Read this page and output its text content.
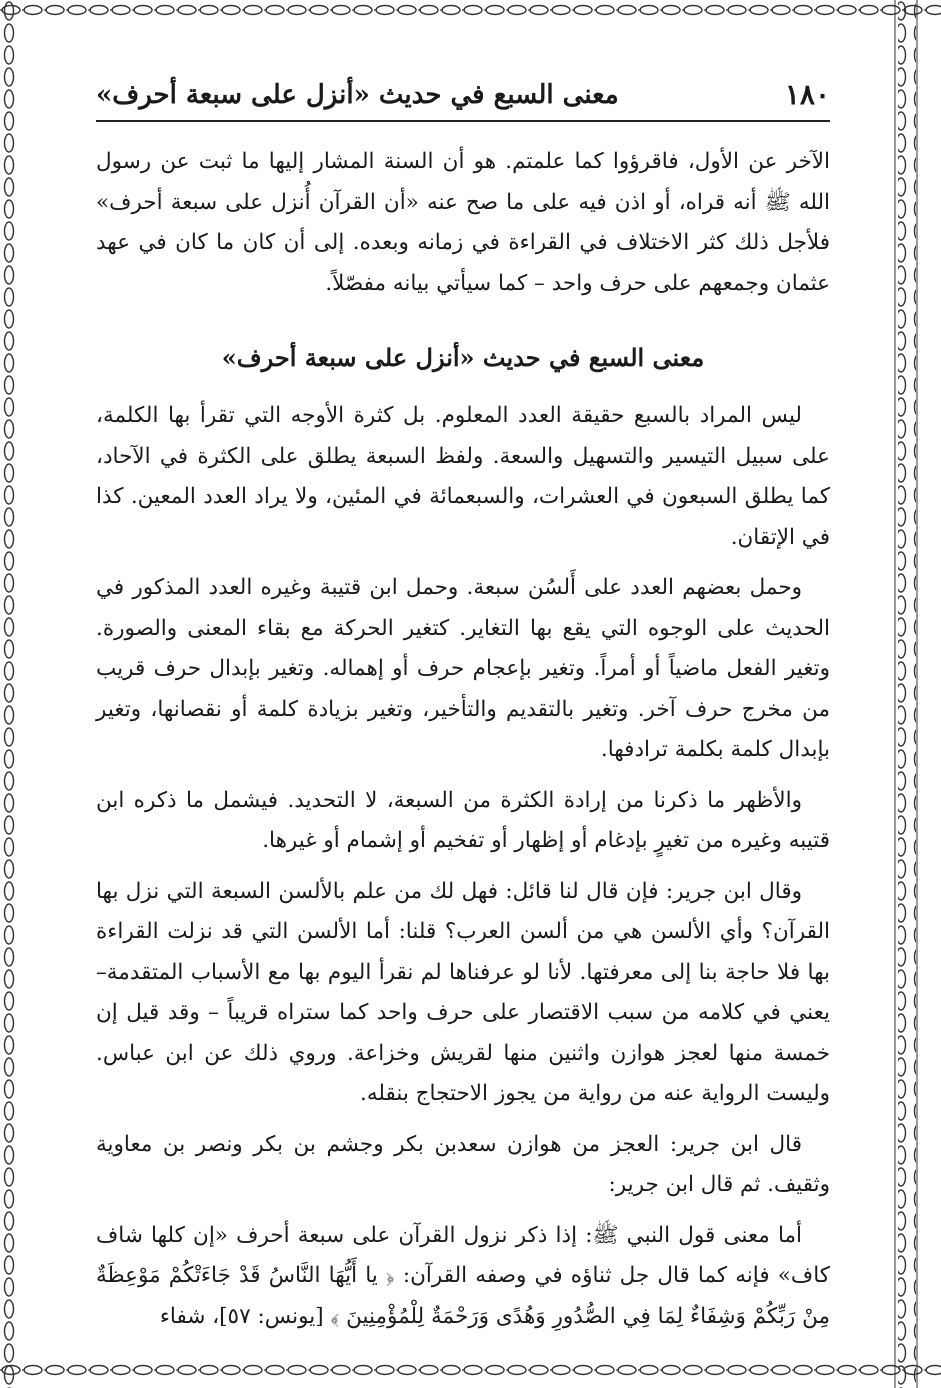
١٨٠
معنى السبع في حديث «أنزل على سبعة أحرف»

الآخر عن الأول، فاقرؤوا كما علمتم. هو أن السنة المشار إليها ما ثبت عن رسول الله ﷺ أنه قراه، أو اذن فيه على ما صح عنه «أن القرآن أُنزل على سبعة أحرف» فلأجل ذلك كثر الاختلاف في القراءة في زمانه وبعده. إلى أن كان ما كان في عهد عثمان وجمعهم على حرف واحد – كما سيأتي بيانه مفصّلاً.

معنى السبع في حديث «أنزل على سبعة أحرف»

ليس المراد بالسبع حقيقة العدد المعلوم. بل كثرة الأوجه التي تقرأ بها الكلمة، على سبيل التيسير والتسهيل والسعة. ولفظ السبعة يطلق على الكثرة في الآحاد، كما يطلق السبعون في العشرات، والسبعمائة في المئين، ولا يراد العدد المعين. كذا في الإتقان.

وحمل بعضهم العدد على أَلسُن سبعة. وحمل ابن قتيبة وغيره العدد المذكور في الحديث على الوجوه التي يقع بها التغاير. كتغير الحركة مع بقاء المعنى والصورة. وتغير الفعل ماضياً أو أمراً. وتغير بإعجام حرف أو إهماله. وتغير بإبدال حرف قريب من مخرج حرف آخر. وتغير بالتقديم والتأخير، وتغير بزيادة كلمة أو نقصانها، وتغير بإبدال كلمة بكلمة ترادفها.

والأظهر ما ذكرنا من إرادة الكثرة من السبعة، لا التحديد. فيشمل ما ذكره ابن قتيبه وغيره من تغيرٍ بإدغام أو إظهار أو تفخيم أو إشمام أو غيرها.

وقال ابن جرير: فإن قال لنا قائل: فهل لك من علم بالألسن السبعة التي نزل بها القرآن؟ وأي الألسن هي من ألسن العرب؟ قلنا: أما الألسن التي قد نزلت القراءة بها فلا حاجة بنا إلى معرفتها. لأنا لو عرفناها لم نقرأ اليوم بها مع الأسباب المتقدمة– يعني في كلامه من سبب الاقتصار على حرف واحد كما ستراه قريباً – وقد قيل إن خمسة منها لعجز هوازن واثنين منها لقريش وخزاعة. وروي ذلك عن ابن عباس. وليست الرواية عنه من رواية من يجوز الاحتجاج بنقله.

قال ابن جرير: العجز من هوازن سعدبن بكر وجشم بن بكر ونصر بن معاوية وثقيف. ثم قال ابن جرير:

أما معنى قول النبي ﷺ: إذا ذكر نزول القرآن على سبعة أحرف «إن كلها شاف كاف» فإنه كما قال جل ثناؤه في وصفه القرآن: ﴿ يا أَيُّهَا النَّاسُ قَدْ جَاءَتْكُمْ مَوْعِظَةٌ مِنْ رَبِّكُمْ وَشِفَاءٌ لِمَا فِي الصُّدُورِ وَهُدًى وَرَحْمَةٌ لِلْمُؤْمِنِينَ ﴾ [يونس: ٥٧]، شفاء
